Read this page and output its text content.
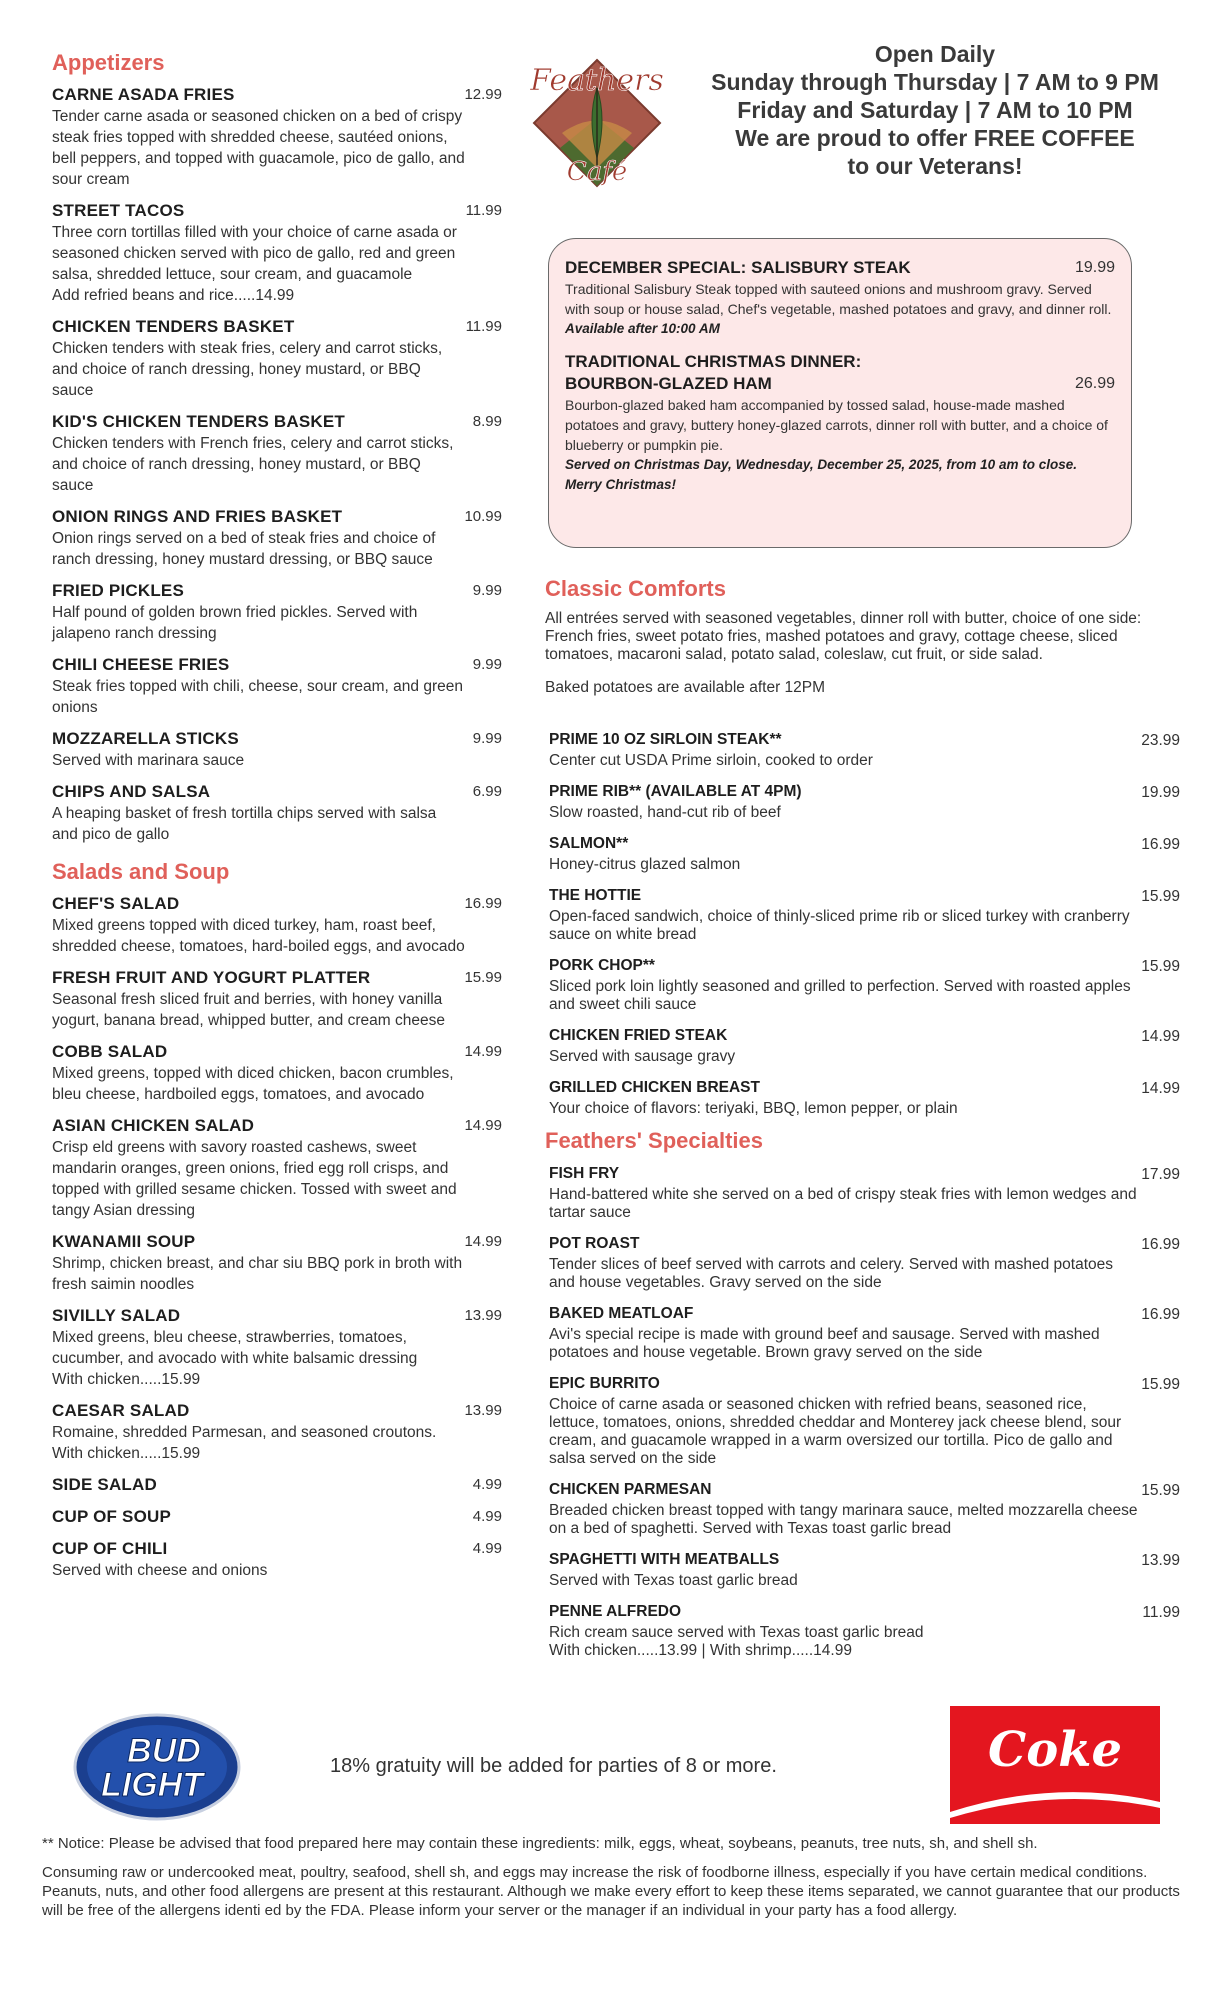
Appetizers
CARNE ASADA FRIES	12.99
Tender carne asada or seasoned chicken on a bed of crispy steak fries topped with shredded cheese, sautéed onions, bell peppers, and topped with guacamole, pico de gallo, and sour cream
STREET TACOS	11.99
Three corn tortillas filled with your choice of carne asada or seasoned chicken served with pico de gallo, red and green salsa, shredded lettuce, sour cream, and guacamole
Add refried beans and rice.....14.99
CHICKEN TENDERS BASKET	11.99
Chicken tenders with steak fries, celery and carrot sticks, and choice of ranch dressing, honey mustard, or BBQ sauce
KID'S CHICKEN TENDERS BASKET	8.99
Chicken tenders with French fries, celery and carrot sticks, and choice of ranch dressing, honey mustard, or BBQ sauce
ONION RINGS AND FRIES BASKET	10.99
Onion rings served on a bed of steak fries and choice of ranch dressing, honey mustard dressing, or BBQ sauce
FRIED PICKLES	9.99
Half pound of golden brown fried pickles. Served with jalapeno ranch dressing
CHILI CHEESE FRIES	9.99
Steak fries topped with chili, cheese, sour cream, and green onions
MOZZARELLA STICKS	9.99
Served with marinara sauce
CHIPS AND SALSA	6.99
A heaping basket of fresh tortilla chips served with salsa and pico de gallo
Salads and Soup
CHEF'S SALAD	16.99
Mixed greens topped with diced turkey, ham, roast beef, shredded cheese, tomatoes, hard-boiled eggs, and avocado
FRESH FRUIT AND YOGURT PLATTER	15.99
Seasonal fresh sliced fruit and berries, with honey vanilla yogurt, banana bread, whipped butter, and cream cheese
COBB SALAD	14.99
Mixed greens, topped with diced chicken, bacon crumbles, bleu cheese, hardboiled eggs, tomatoes, and avocado
ASIAN CHICKEN SALAD	14.99
Crisp eld greens with savory roasted cashews, sweet mandarin oranges, green onions, fried egg roll crisps, and topped with grilled sesame chicken. Tossed with sweet and tangy Asian dressing
KWANAMII SOUP	14.99
Shrimp, chicken breast, and char siu BBQ pork in broth with fresh saimin noodles
SIVILLY SALAD	13.99
Mixed greens, bleu cheese, strawberries, tomatoes, cucumber, and avocado with white balsamic dressing
With chicken.....15.99
CAESAR SALAD	13.99
Romaine, shredded Parmesan, and seasoned croutons. With chicken.....15.99
SIDE SALAD	4.99
CUP OF SOUP	4.99
CUP OF CHILI	4.99
Served with cheese and onions
Feathers
Café
Open Daily
Sunday through Thursday | 7 AM to 9 PM
Friday and Saturday | 7 AM to 10 PM
We are proud to offer FREE COFFEE
to our Veterans!
DECEMBER SPECIAL: SALISBURY STEAK	19.99
Traditional Salisbury Steak topped with sauteed onions and mushroom gravy. Served with soup or house salad, Chef's vegetable, mashed potatoes and gravy, and dinner roll.
Available after 10:00 AM
TRADITIONAL CHRISTMAS DINNER:
BOURBON-GLAZED HAM	26.99
Bourbon-glazed baked ham accompanied by tossed salad, house-made mashed potatoes and gravy, buttery honey-glazed carrots, dinner roll with butter, and a choice of blueberry or pumpkin pie.
Served on Christmas Day, Wednesday, December 25, 2025, from 10 am to close. Merry Christmas!
Classic Comforts
All entrées served with seasoned vegetables, dinner roll with butter, choice of one side: French fries, sweet potato fries, mashed potatoes and gravy, cottage cheese, sliced tomatoes, macaroni salad, potato salad, coleslaw, cut fruit, or side salad.
Baked potatoes are available after 12PM
PRIME 10 OZ SIRLOIN STEAK**	23.99
Center cut USDA Prime sirloin, cooked to order
PRIME RIB** (AVAILABLE AT 4PM)	19.99
Slow roasted, hand-cut rib of beef
SALMON**	16.99
Honey-citrus glazed salmon
THE HOTTIE	15.99
Open-faced sandwich, choice of thinly-sliced prime rib or sliced turkey with cranberry sauce on white bread
PORK CHOP**	15.99
Sliced pork loin lightly seasoned and grilled to perfection. Served with roasted apples and sweet chili sauce
CHICKEN FRIED STEAK	14.99
Served with sausage gravy
GRILLED CHICKEN BREAST	14.99
Your choice of flavors: teriyaki, BBQ, lemon pepper, or plain
Feathers' Specialties
FISH FRY	17.99
Hand-battered white she served on a bed of crispy steak fries with lemon wedges and tartar sauce
POT ROAST	16.99
Tender slices of beef served with carrots and celery. Served with mashed potatoes and house vegetables. Gravy served on the side
BAKED MEATLOAF	16.99
Avi's special recipe is made with ground beef and sausage. Served with mashed potatoes and house vegetable. Brown gravy served on the side
EPIC BURRITO	15.99
Choice of carne asada or seasoned chicken with refried beans, seasoned rice, lettuce, tomatoes, onions, shredded cheddar and Monterey jack cheese blend, sour cream, and guacamole wrapped in a warm oversized our tortilla. Pico de gallo and salsa served on the side
CHICKEN PARMESAN	15.99
Breaded chicken breast topped with tangy marinara sauce, melted mozzarella cheese on a bed of spaghetti. Served with Texas toast garlic bread
SPAGHETTI WITH MEATBALLS	13.99
Served with Texas toast garlic bread
PENNE ALFREDO	11.99
Rich cream sauce served with Texas toast garlic bread
With chicken.....13.99 | With shrimp.....14.99
BUD
LIGHT	18% gratuity will be added for parties of 8 or more.	Coke

** Notice: Please be advised that food prepared here may contain these ingredients: milk, eggs, wheat, soybeans, peanuts, tree nuts, sh, and shell sh.

Consuming raw or undercooked meat, poultry, seafood, shell sh, and eggs may increase the risk of foodborne illness, especially if you have certain medical conditions. Peanuts, nuts, and other food allergens are present at this restaurant. Although we make every effort to keep these items separated, we cannot guarantee that our products will be free of the allergens identi ed by the FDA. Please inform your server or the manager if an individual in your party has a food allergy.
